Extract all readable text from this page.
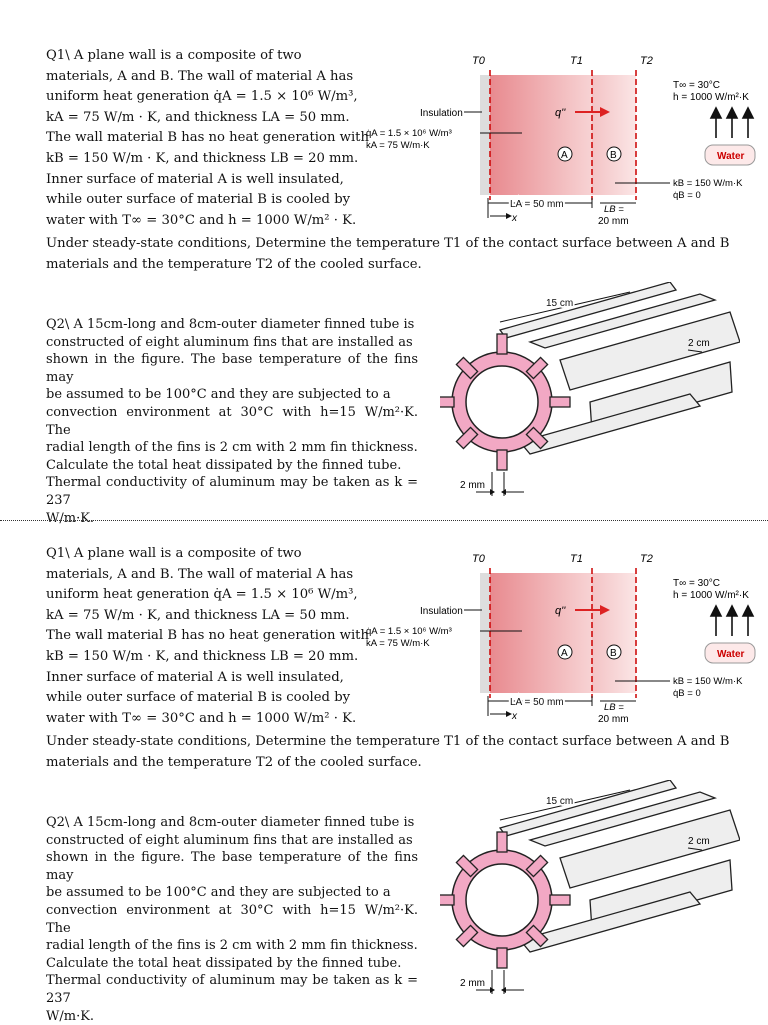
Q1\ A plane wall is a composite of two
materials, A and B. The wall of material A has
uniform heat generation q̇A = 1.5 × 10⁶ W/m³,
kA = 75 W/m · K, and thickness LA = 50 mm.
The wall material B has no heat generation with
kB = 150 W/m · K, and thickness LB = 20 mm.
Inner surface of material A is well insulated,
while outer surface of material B is cooled by
water with T∞ = 30°C and h = 1000 W/m² · K.
Under steady-state conditions, Determine the temperature T1 of the contact surface between A and B
materials and the temperature T2 of the cooled surface.
T0	T1	T2
T∞ = 30°C
h = 1000 W/m²·K
Water
Insulation
q̇A = 1.5 × 10⁶ W/m³
kA = 75 W/m·K
q''
A	B
kB = 150 W/m·K
q̇B = 0
LA = 50 mm	LB =
20 mm
x
Q2\ A 15cm-long and 8cm-outer diameter finned tube is
constructed of eight aluminum fins that are installed as
shown in the figure. The base temperature of the fins may
be assumed to be 100°C and they are subjected to a
convection environment at 30°C with h=15 W/m²·K. The
radial length of the fins is 2 cm with 2 mm fin thickness.
Calculate the total heat dissipated by the finned tube.
Thermal conductivity of aluminum may be taken as k = 237
W/m·K.
15 cm
2 cm
2 mm
Q1\ A plane wall is a composite of two
materials, A and B. The wall of material A has
uniform heat generation q̇A = 1.5 × 10⁶ W/m³,
kA = 75 W/m · K, and thickness LA = 50 mm.
The wall material B has no heat generation with
kB = 150 W/m · K, and thickness LB = 20 mm.
Inner surface of material A is well insulated,
while outer surface of material B is cooled by
water with T∞ = 30°C and h = 1000 W/m² · K.
Under steady-state conditions, Determine the temperature T1 of the contact surface between A and B
materials and the temperature T2 of the cooled surface.
T0	T1	T2
T∞ = 30°C
h = 1000 W/m²·K
Water
Insulation
q̇A = 1.5 × 10⁶ W/m³
kA = 75 W/m·K
q''
A	B
kB = 150 W/m·K
q̇B = 0
LA = 50 mm	LB =
20 mm
x
Q2\ A 15cm-long and 8cm-outer diameter finned tube is
constructed of eight aluminum fins that are installed as
shown in the figure. The base temperature of the fins may
be assumed to be 100°C and they are subjected to a
convection environment at 30°C with h=15 W/m²·K. The
radial length of the fins is 2 cm with 2 mm fin thickness.
Calculate the total heat dissipated by the finned tube.
Thermal conductivity of aluminum may be taken as k = 237
W/m·K.
15 cm
2 cm
2 mm
